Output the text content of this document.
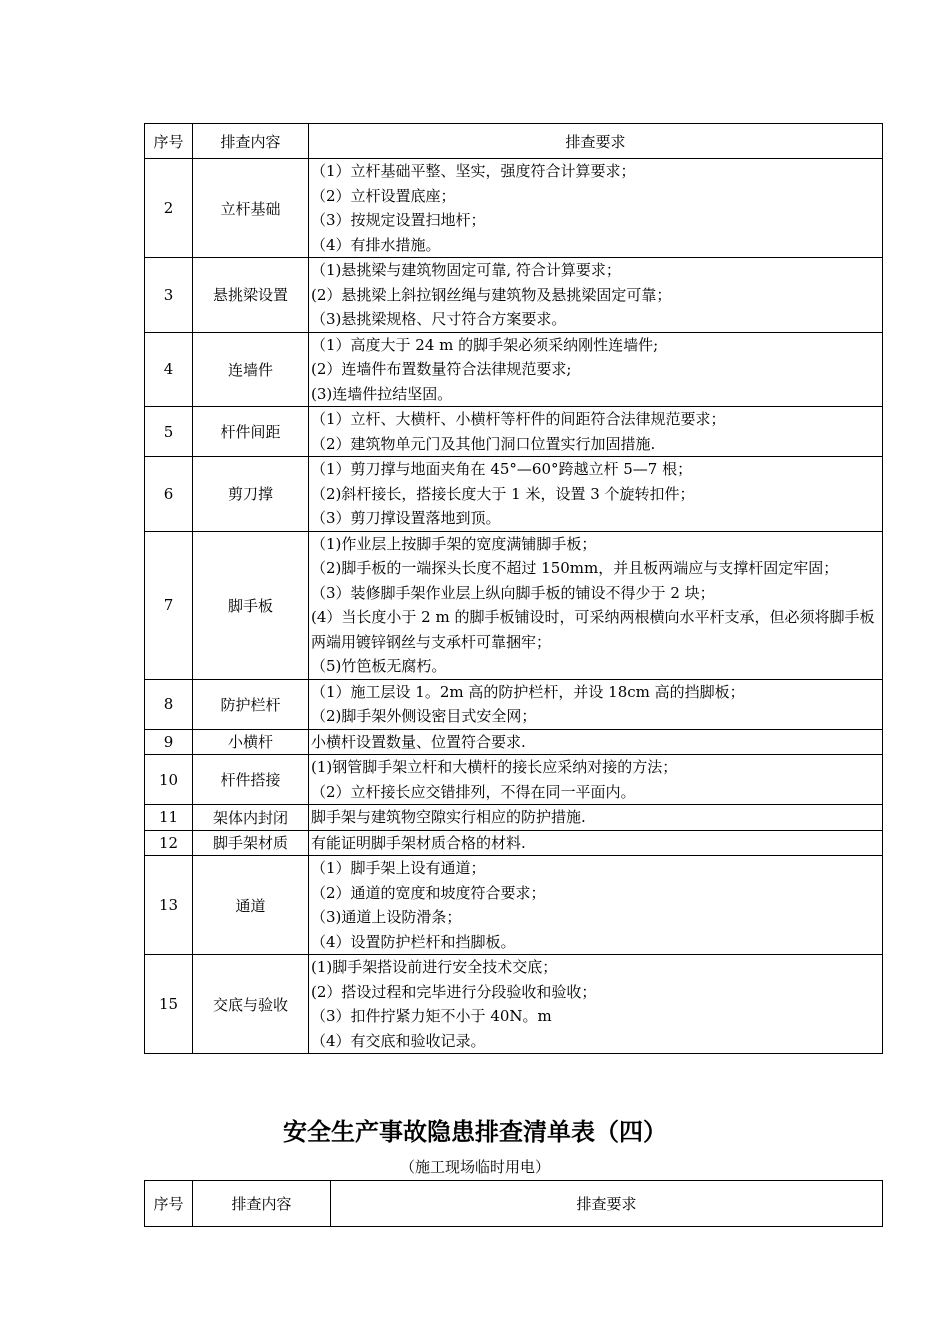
序号	排查内容	排查要求
2	立杆基础	（1）立杆基础平整、坚实，强度符合计算要求；
（2）立杆设置底座；
（3）按规定设置扫地杆；
（4）有排水措施。

3	悬挑梁设置	（1)悬挑梁与建筑物固定可靠, 符合计算要求；
(2）悬挑梁上斜拉钢丝绳与建筑物及悬挑梁固定可靠；
（3)悬挑梁规格、尺寸符合方案要求。

4	连墙件	（1）高度大于 24 m 的脚手架必须采纳刚性连墙件;
(2）连墙件布置数量符合法律规范要求;
(3)连墙件拉结坚固。

5	杆件间距	（1）立杆、大横杆、小横杆等杆件的间距符合法律规范要求；
（2）建筑物单元门及其他门洞口位置实行加固措施.

6	剪刀撑	（1）剪刀撑与地面夹角在 45°—60°跨越立杆 5—7 根；
（2)斜杆接长，搭接长度大于 1 米，设置 3 个旋转扣件；
（3）剪刀撑设置落地到顶。

7	脚手板	（1)作业层上按脚手架的宽度满铺脚手板；
（2)脚手板的一端探头长度不超过 150mm，并且板两端应与支撑杆固定牢固；
（3）装修脚手架作业层上纵向脚手板的铺设不得少于 2 块；
(4）当长度小于 2 m 的脚手板铺设时，可采纳两根横向水平杆支承，但必须将脚手板两端用镀锌钢丝与支承杆可靠捆牢；
（5)竹笆板无腐朽。

8	防护栏杆	（1）施工层设 1。2m 高的防护栏杆，并设 18cm 高的挡脚板；
（2)脚手架外侧设密目式安全网；

9	小横杆	小横杆设置数量、位置符合要求.

10	杆件搭接	(1)钢管脚手架立杆和大横杆的接长应采纳对接的方法；
（2）立杆接长应交错排列，不得在同一平面内。

11	架体内封闭	脚手架与建筑物空隙实行相应的防护措施.

12	脚手架材质	有能证明脚手架材质合格的材料.

13	通道	（1）脚手架上设有通道；
（2）通道的宽度和坡度符合要求；
（3)通道上设防滑条；
（4）设置防护栏杆和挡脚板。

15	交底与验收	(1)脚手架搭设前进行安全技术交底；
(2）搭设过程和完毕进行分段验收和验收；
（3）扣件拧紧力矩不小于 40N。m
（4）有交底和验收记录。
安全生产事故隐患排查清单表（四）
（施工现场临时用电）
序号	排查内容	排查要求
